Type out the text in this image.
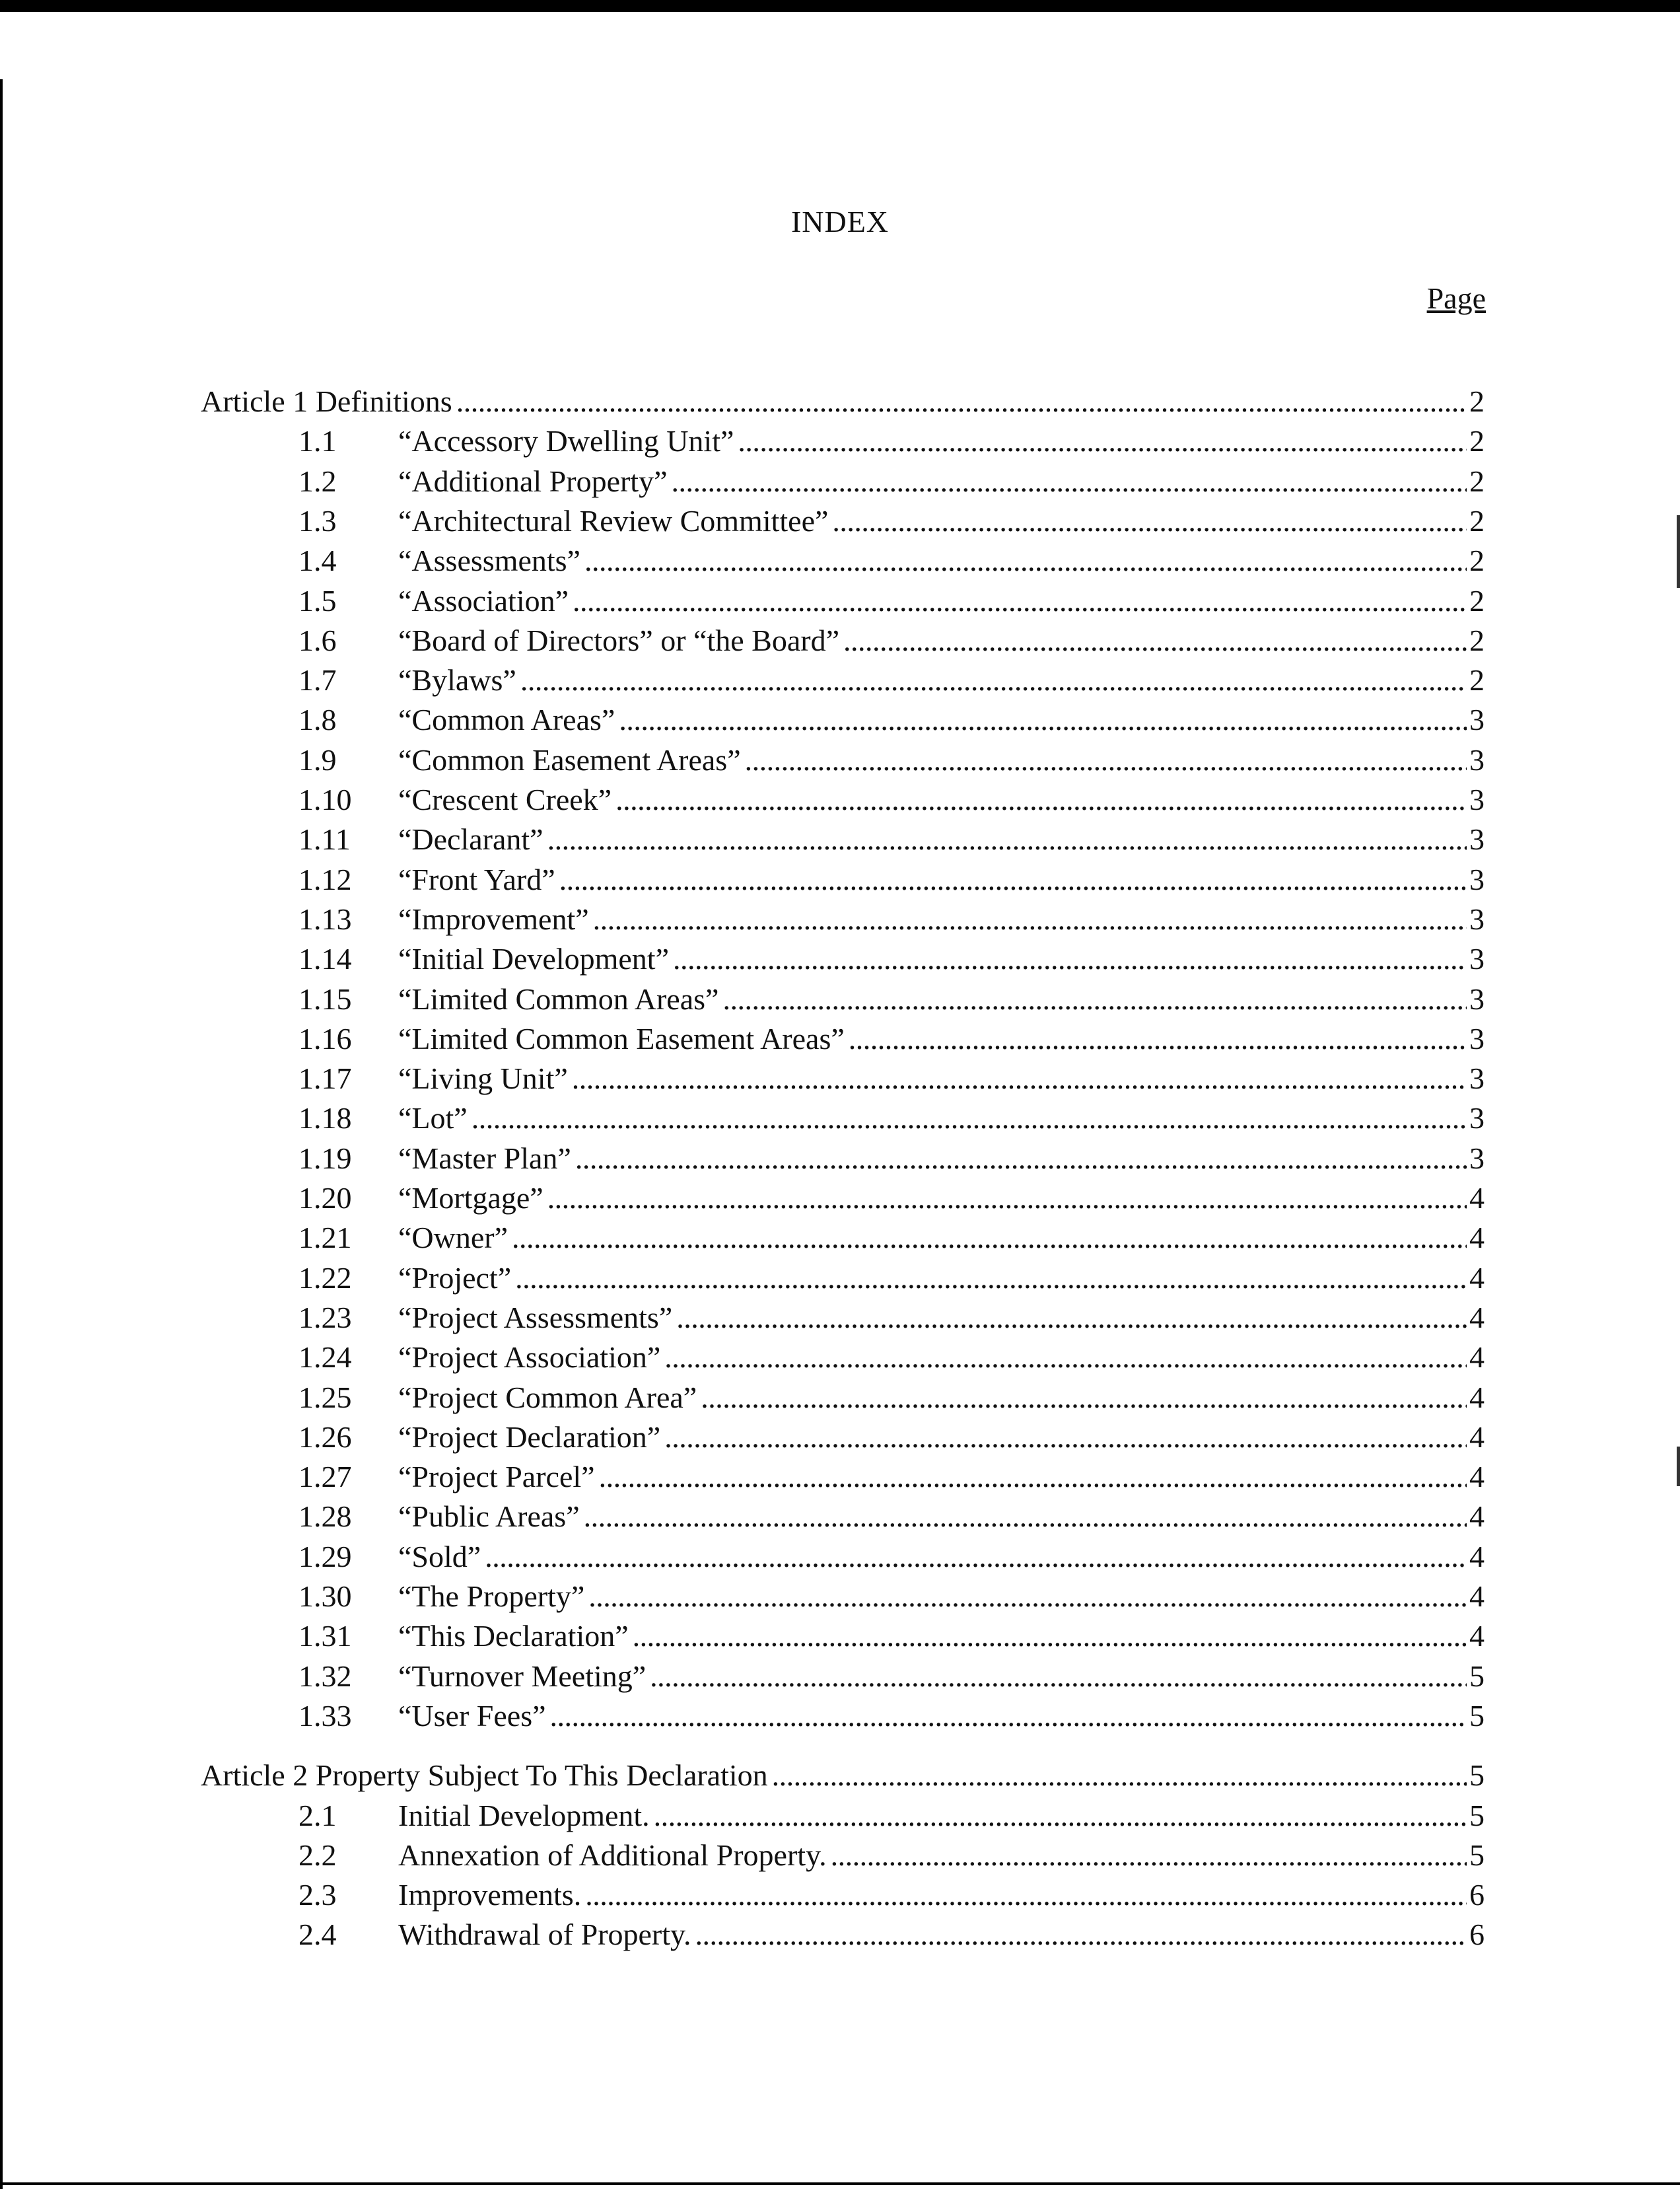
INDEX
Page
Article 1 Definitions . . .	2
1.1	“Accessory Dwelling Unit” . . .	2
1.2	“Additional Property” . . .	2
1.3	“Architectural Review Committee” . . .	2
1.4	“Assessments” . . .	2
1.5	“Association” . . .	2
1.6	“Board of Directors” or “the Board” . . .	2
1.7	“Bylaws” . . .	2
1.8	“Common Areas” . . .	3
1.9	“Common Easement Areas” . . .	3
1.10	“Crescent Creek” . . .	3
1.11	“Declarant” . . .	3
1.12	“Front Yard” . . .	3
1.13	“Improvement” . . .	3
1.14	“Initial Development” . . .	3
1.15	“Limited Common Areas” . . .	3
1.16	“Limited Common Easement Areas” . . .	3
1.17	“Living Unit” . . .	3
1.18	“Lot” . . .	3
1.19	“Master Plan” . . .	3
1.20	“Mortgage” . . .	4
1.21	“Owner” . . .	4
1.22	“Project” . . .	4
1.23	“Project Assessments” . . .	4
1.24	“Project Association” . . .	4
1.25	“Project Common Area” . . .	4
1.26	“Project Declaration” . . .	4
1.27	“Project Parcel” . . .	4
1.28	“Public Areas” . . .	4
1.29	“Sold” . . .	4
1.30	“The Property” . . .	4
1.31	“This Declaration” . . .	4
1.32	“Turnover Meeting” . . .	5
1.33	“User Fees” . . .	5
Article 2 Property Subject To This Declaration . . .	5
2.1	Initial Development. . . .	5
2.2	Annexation of Additional Property. . . .	5
2.3	Improvements. . . .	6
2.4	Withdrawal of Property. . . .	6
